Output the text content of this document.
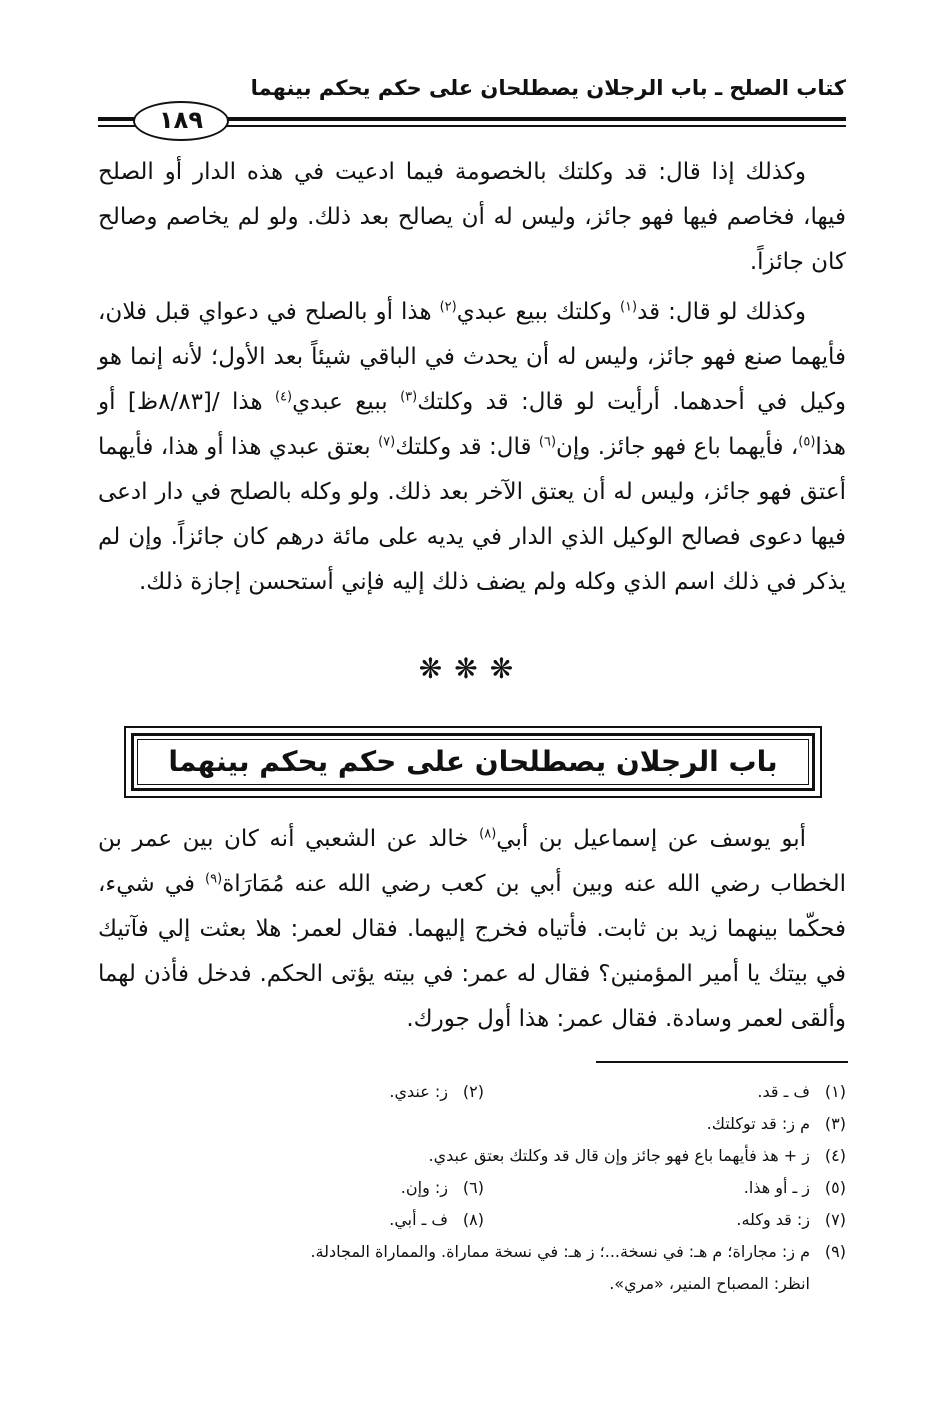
كتاب الصلح ـ باب الرجلان يصطلحان على حكم يحكم بينهما
١٨٩

وكذلك إذا قال: قد وكلتك بالخصومة فيما ادعيت في هذه الدار أو الصلح فيها، فخاصم فيها فهو جائز، وليس له أن يصالح بعد ذلك. ولو لم يخاصم وصالح كان جائزاً.

وكذلك لو قال: قد$^{(١)}$ وكلتك ببيع عبدي$^{(٢)}$ هذا أو بالصلح في دعواي قبل فلان، فأيهما صنع فهو جائز، وليس له أن يحدث في الباقي شيئاً بعد الأول؛ لأنه إنما هو وكيل في أحدهما. أرأيت لو قال: قد وكلتك$^{(٣)}$ ببيع عبدي$^{(٤)}$ هذا /[٨/٨٣ظ] أو هذا$^{(٥)}$، فأيهما باع فهو جائز. وإن$^{(٦)}$ قال: قد وكلتك$^{(٧)}$ بعتق عبدي هذا أو هذا، فأيهما أعتق فهو جائز، وليس له أن يعتق الآخر بعد ذلك. ولو وكله بالصلح في دار ادعى فيها دعوى فصالح الوكيل الذي الدار في يديه على مائة درهم كان جائزاً. وإن لم يذكر في ذلك اسم الذي وكله ولم يضف ذلك إليه فإني أستحسن إجازة ذلك.

❋❋❋
باب الرجلان يصطلحان على حكم يحكم بينهما

أبو يوسف عن إسماعيل بن أبي$^{(٨)}$ خالد عن الشعبي أنه كان بين عمر بن الخطاب رضي الله عنه وبين أبي بن كعب رضي الله عنه مُمَارَاة$^{(٩)}$ في شيء، فحكّما بينهما زيد بن ثابت. فأتياه فخرج إليهما. فقال لعمر: هلا بعثت إلي فآتيك في بيتك يا أمير المؤمنين؟ فقال له عمر: في بيته يؤتى الحكم. فدخل فأذن لهما وألقى لعمر وسادة. فقال عمر: هذا أول جورك.

(١)ف ـ قد.
(٢)ز: عندي.
(٣)م ز: قد توكلتك.
(٤)ز + هذ فأيهما باع فهو جائز وإن قال قد وكلتك بعتق عبدي.
(٥)ز ـ أو هذا.
(٦)ز: وإن.
(٧)ز: قد وكله.
(٨)ف ـ أبي.
(٩)م ز: مجاراة؛ م هـ: في نسخة...؛ ز هـ: في نسخة مماراة. والمماراة المجادلة.
انظر: المصباح المنير، «مري».
